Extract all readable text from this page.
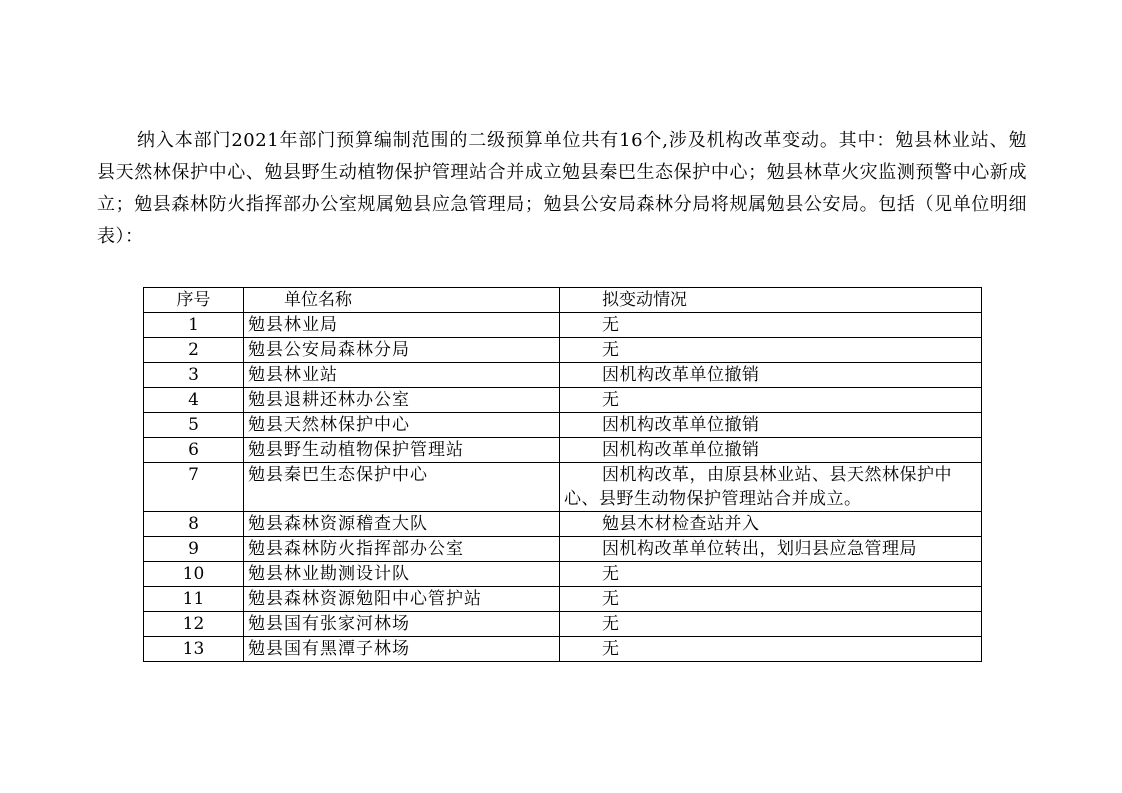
纳入本部门2021年部门预算编制范围的二级预算单位共有16个,涉及机构改革变动。其中：勉县林业站、勉县天然林保护中心、勉县野生动植物保护管理站合并成立勉县秦巴生态保护中心；勉县林草火灾监测预警中心新成立；勉县森林防火指挥部办公室规属勉县应急管理局；勉县公安局森林分局将规属勉县公安局。包括（见单位明细表）：

序号	单位名称	拟变动情况
1	勉县林业局	无
2	勉县公安局森林分局	无
3	勉县林业站	因机构改革单位撤销
4	勉县退耕还林办公室	无
5	勉县天然林保护中心	因机构改革单位撤销
6	勉县野生动植物保护管理站	因机构改革单位撤销
7	勉县秦巴生态保护中心	因机构改革，由原县林业站、县天然林保护中心、县野生动物保护管理站合并成立。
8	勉县森林资源稽查大队	勉县木材检查站并入
9	勉县森林防火指挥部办公室	因机构改革单位转出，划归县应急管理局
10	勉县林业勘测设计队	无
11	勉县森林资源勉阳中心管护站	无
12	勉县国有张家河林场	无
13	勉县国有黑潭子林场	无
